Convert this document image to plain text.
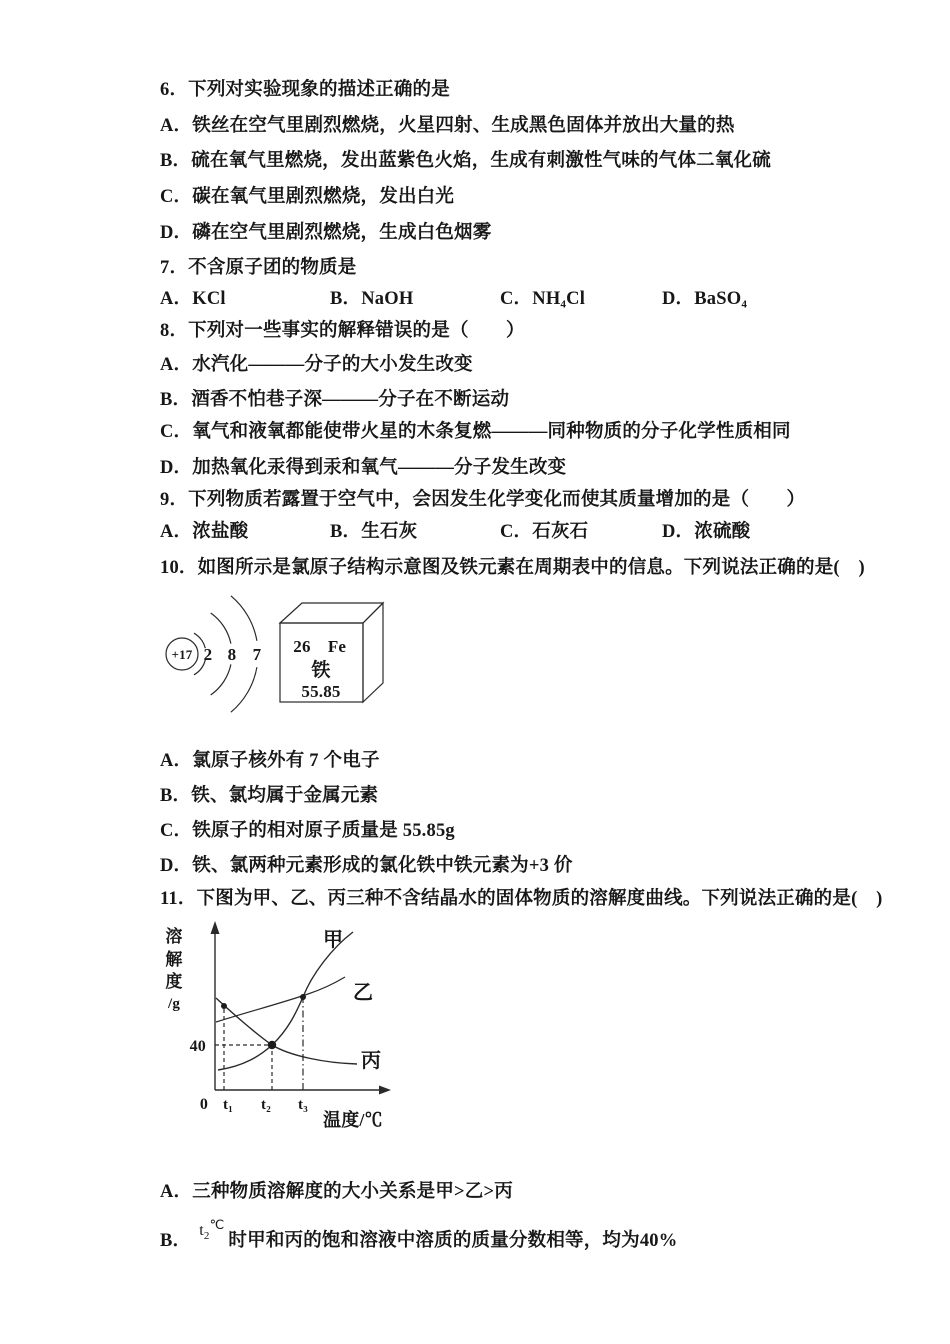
6．下列对实验现象的描述正确的是
A．铁丝在空气里剧烈燃烧，火星四射、生成黑色固体并放出大量的热
B．硫在氧气里燃烧，发出蓝紫色火焰，生成有刺激性气味的气体二氧化硫
C．碳在氧气里剧烈燃烧，发出白光
D．磷在空气里剧烈燃烧，生成白色烟雾
7．不含原子团的物质是
A．KCl	B．NaOH	C．NH₄Cl	D．BaSO₄
8．下列对一些事实的解释错误的是（　　）
A．水汽化———分子的大小发生改变
B．酒香不怕巷子深———分子在不断运动
C．氧气和液氧都能使带火星的木条复燃———同种物质的分子化学性质相同
D．加热氧化汞得到汞和氧气———分子发生改变
9．下列物质若露置于空气中，会因发生化学变化而使其质量增加的是（　　）
A．浓盐酸	B．生石灰	C．石灰石	D．浓硫酸
10．如图所示是氯原子结构示意图及铁元素在周期表中的信息。下列说法正确的是(　)
+17 2 8 7 26 Fe
铁
55.85
A．氯原子核外有 7 个电子
B．铁、氯均属于金属元素
C．铁原子的相对原子质量是 55.85g
D．铁、氯两种元素形成的氯化铁中铁元素为+3 价
11．下图为甲、乙、丙三种不含结晶水的固体物质的溶解度曲线。下列说法正确的是(　)
溶
解
度
/g
40
0 t₁ t₂ t₃
温度/℃
甲
乙
丙
A．三种物质溶解度的大小关系是甲>乙>丙
B．$t_2^℃$时甲和丙的饱和溶液中溶质的质量分数相等，均为40%
